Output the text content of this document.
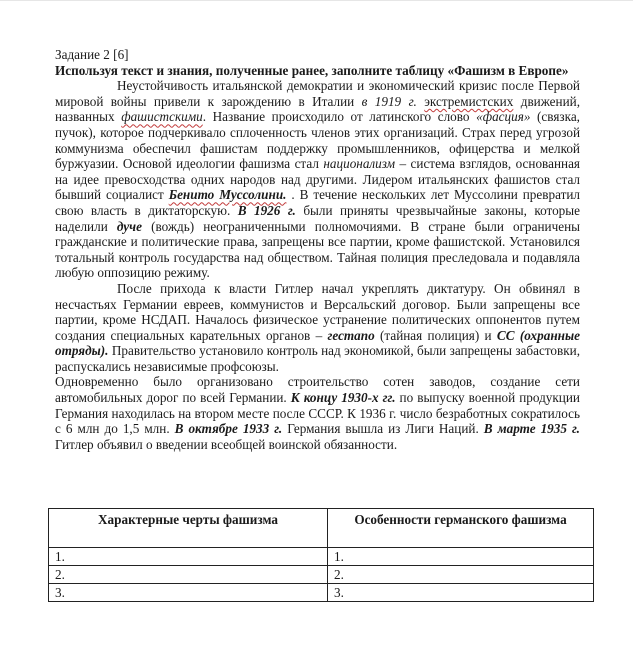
Задание 2 [6]

Используя текст и знания, полученные ранее, заполните таблицу «Фашизм в Европе»

Неустойчивость итальянской демократии и экономический кризис после Первой мировой войны привели к зарождению в Италии в 1919 г. экстремистских движений, названных фашистскими. Название происходило от латинского слово «фасция» (связка, пучок), которое подчеркивало сплоченность членов этих организаций. Страх перед угрозой коммунизма обеспечил фашистам поддержку промышленников, офицерства и мелкой буржуазии. Основой идеологии фашизма стал национализм – система взглядов, основанная на идее превосходства одних народов над другими. Лидером итальянских фашистов стал бывший социалист Бенито Муссолини. . В течение нескольких лет Муссолини превратил свою власть в диктаторскую. В 1926 г. были приняты чрезвычайные законы, которые наделили дуче (вождь) неограниченными полномочиями. В стране были ограничены гражданские и политические права, запрещены все партии, кроме фашистской. Установился тотальный контроль государства над обществом. Тайная полиция преследовала и подавляла любую оппозицию режиму.

После прихода к власти Гитлер начал укреплять диктатуру. Он обвинял в несчастьях Германии евреев, коммунистов и Версальский договор. Были запрещены все партии, кроме НСДАП. Началось физическое устранение политических оппонентов путем создания специальных карательных органов – гестапо (тайная полиция) и СС (охранные отряды). Правительство установило контроль над экономикой, были запрещены забастовки, распускались независимые профсоюзы.

Одновременно было организовано строительство сотен заводов, создание сети автомобильных дорог по всей Германии. К концу 1930-х гг. по выпуску военной продукции Германия находилась на втором месте после СССР. К 1936 г. число безработных сократилось с 6 млн до 1,5 млн. В октябре 1933 г. Германия вышла из Лиги Наций. В марте 1935 г. Гитлер объявил о введении всеобщей воинской обязанности.

Характерные черты фашизма	Особенности германского фашизма
1.	1.
2.	2.
3.	3.
